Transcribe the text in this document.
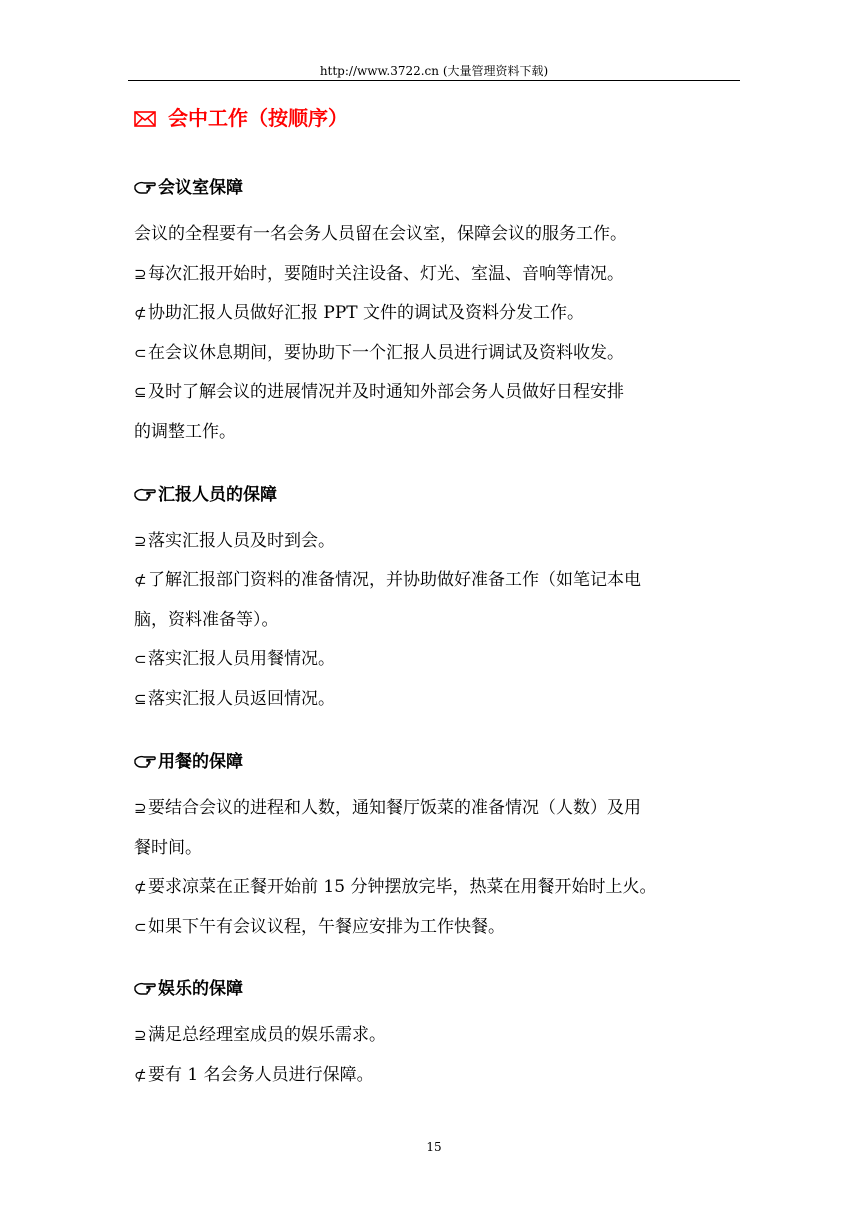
http://www.3722.cn (大量管理资料下载)
会中工作（按顺序）
会议室保障
会议的全程要有一名会务人员留在会议室，保障会议的服务工作。
⊇每次汇报开始时，要随时关注设备、灯光、室温、音响等情况。
⊄协助汇报人员做好汇报 PPT 文件的调试及资料分发工作。
⊂在会议休息期间，要协助下一个汇报人员进行调试及资料收发。
⊆及时了解会议的进展情况并及时通知外部会务人员做好日程安排
的调整工作。
汇报人员的保障
⊇落实汇报人员及时到会。
⊄了解汇报部门资料的准备情况，并协助做好准备工作（如笔记本电
脑，资料准备等）。
⊂落实汇报人员用餐情况。
⊆落实汇报人员返回情况。
用餐的保障
⊇要结合会议的进程和人数，通知餐厅饭菜的准备情况（人数）及用
餐时间。
⊄要求凉菜在正餐开始前 15 分钟摆放完毕，热菜在用餐开始时上火。
⊂如果下午有会议议程，午餐应安排为工作快餐。
娱乐的保障
⊇满足总经理室成员的娱乐需求。
⊄要有 1 名会务人员进行保障。
15
